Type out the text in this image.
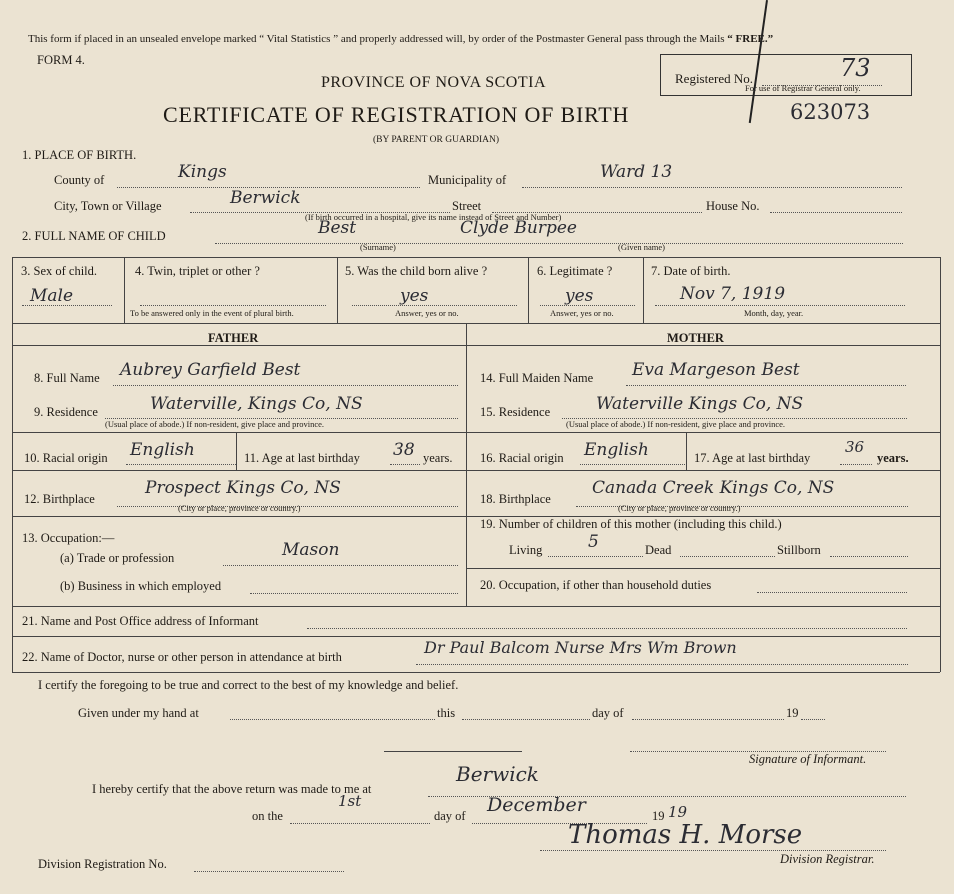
This form if placed in an unsealed envelope marked “ Vital Statistics ” and properly addressed will, by order of the Postmaster General pass through the Mails “ FREE.”
FORM 4.
Registered No.	73
For use of Registrar General only.
PROVINCE OF NOVA SCOTIA
CERTIFICATE OF REGISTRATION OF BIRTH	623073
(BY PARENT OR GUARDIAN)
1. PLACE OF BIRTH.
County of	Kings	Municipality of	Ward 13
City, Town or Village	Berwick	Street	House No.
(If birth occurred in a hospital, give its name instead of Street and Number)
2. FULL NAME OF CHILD	Best	Clyde Burpee
(Surname)	(Given name)
3. Sex of child.
Male
4. Twin, triplet or other ?
To be answered only in the event of plural birth.
5. Was the child born alive ?
yes
Answer, yes or no.
6. Legitimate ?
yes
Answer, yes or no.
7. Date of birth.
Nov 7, 1919
Month, day, year.
FATHER	MOTHER
8. Full Name Aubrey Garfield Best
9. Residence	Waterville, Kings Co, NS
(Usual place of abode.) If non-resident, give place and province.
10. Racial origin English	11. Age at last birthday 38 years.
12. Birthplace
Prospect Kings Co, NS
(City or place, province or country.)
13. Occupation:—
(a) Trade or profession	Mason
(b) Business in which employed
14. Full Maiden Name Eva Margeson Best
15. Residence	Waterville Kings Co, NS
(Usual place of abode.) If non-resident, give place and province.
16. Racial origin English	17. Age at last birthday
36
years.
18. Birthplace
Canada Creek Kings Co, NS
(City or place, province or country.)
19. Number of children of this mother (including this child.)
Living	5	Dead	Stillborn
20. Occupation, if other than household duties
21. Name and Post Office address of Informant
22. Name of Doctor, nurse or other person in attendance at birth	Dr Paul Balcom Nurse Mrs Wm Brown
I certify the foregoing to be true and correct to the best of my knowledge and belief.
Given under my hand at	this	day of	19
Signature of Informant.
I hereby certify that the above return was made to me at
Berwick
on the
1st
day of December	19 19
Thomas H. Morse
Division Registrar.
Division Registration No.
